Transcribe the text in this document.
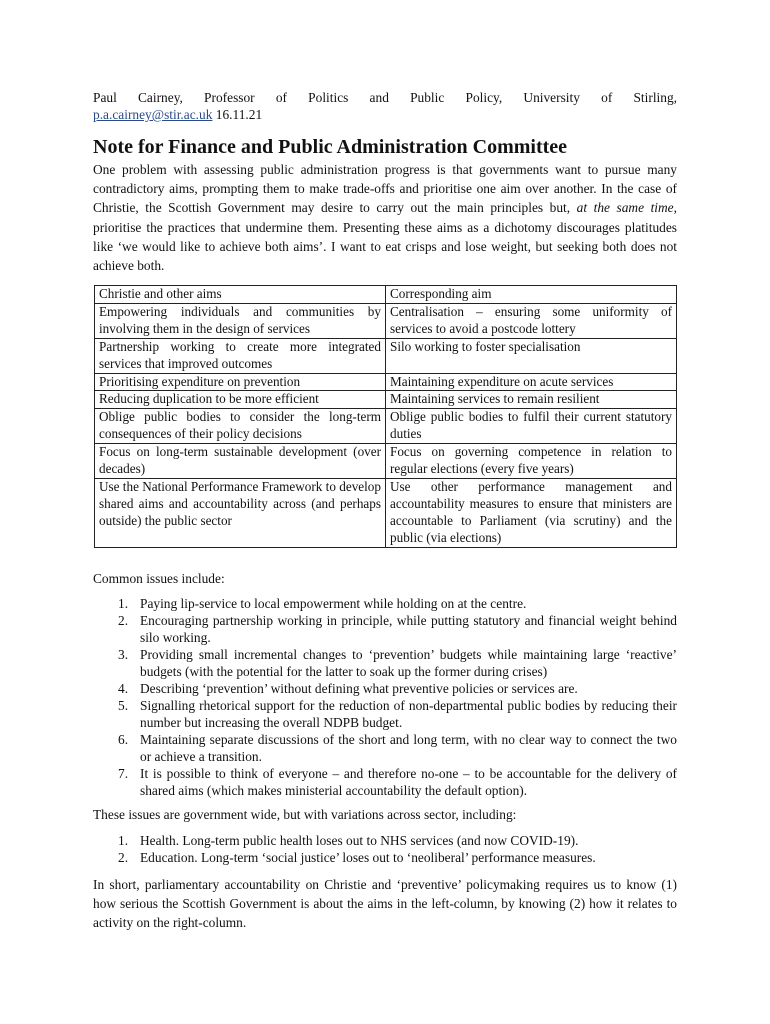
Paul Cairney, Professor of Politics and Public Policy, University of Stirling,
p.a.cairney@stir.ac.uk 16.11.21
Note for Finance and Public Administration Committee

One problem with assessing public administration progress is that governments want to pursue many contradictory aims, prompting them to make trade-offs and prioritise one aim over another. In the case of Christie, the Scottish Government may desire to carry out the main principles but, at the same time, prioritise the practices that undermine them. Presenting these aims as a dichotomy discourages platitudes like ‘we would like to achieve both aims’. I want to eat crisps and lose weight, but seeking both does not achieve both.

Christie and other aims	Corresponding aim
Empowering individuals and communities by involving them in the design of services	Centralisation – ensuring some uniformity of services to avoid a postcode lottery
Partnership working to create more integrated services that improved outcomes	Silo working to foster specialisation
Prioritising expenditure on prevention	Maintaining expenditure on acute services
Reducing duplication to be more efficient	Maintaining services to remain resilient
Oblige public bodies to consider the long-term consequences of their policy decisions	Oblige public bodies to fulfil their current statutory duties
Focus on long-term sustainable development (over decades)	Focus on governing competence in relation to regular elections (every five years)
Use the National Performance Framework to develop shared aims and accountability across (and perhaps outside) the public sector	Use other performance management and accountability measures to ensure that ministers are accountable to Parliament (via scrutiny) and the public (via elections)
Common issues include:
1. Paying lip-service to local empowerment while holding on at the centre.
2. Encouraging partnership working in principle, while putting statutory and financial weight behind silo working.
3. Providing small incremental changes to ‘prevention’ budgets while maintaining large ‘reactive’ budgets (with the potential for the latter to soak up the former during crises)
4. Describing ‘prevention’ without defining what preventive policies or services are.
5. Signalling rhetorical support for the reduction of non-departmental public bodies by reducing their number but increasing the overall NDPB budget.
6. Maintaining separate discussions of the short and long term, with no clear way to connect the two or achieve a transition.
7. It is possible to think of everyone – and therefore no-one – to be accountable for the delivery of shared aims (which makes ministerial accountability the default option).
These issues are government wide, but with variations across sector, including:
1. Health. Long-term public health loses out to NHS services (and now COVID-19).
2. Education. Long-term ‘social justice’ loses out to ‘neoliberal’ performance measures.

In short, parliamentary accountability on Christie and ‘preventive’ policymaking requires us to know (1) how serious the Scottish Government is about the aims in the left-column, by knowing (2) how it relates to activity on the right-column.
